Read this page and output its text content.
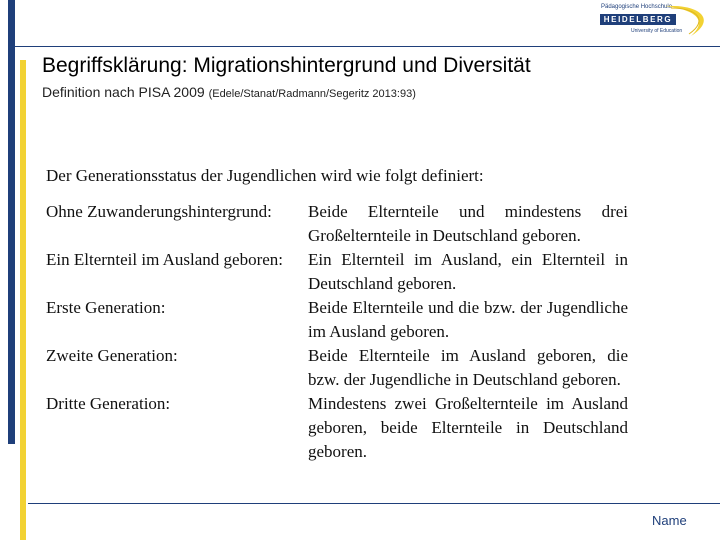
Pädagogische Hochschule
HEIDELBERG
University of Education
Begriffsklärung: Migrationshintergrund und Diversität
Definition nach PISA 2009 (Edele/Stanat/Radmann/Segeritz 2013:93)
Der Generationsstatus der Jugendlichen wird wie folgt definiert:
Ohne Zuwanderungshintergrund:	Beide Elternteile und mindestens drei Großelternteile in Deutschland geboren.
Ein Elternteil im Ausland geboren:	Ein Elternteil im Ausland, ein Elternteil in Deutschland geboren.
Erste Generation:	Beide Elternteile und die bzw. der Jugendliche im Ausland geboren.
Zweite Generation:	Beide Elternteile im Ausland geboren, die bzw. der Jugendliche in Deutschland geboren.
Dritte Generation:	Mindestens zwei Großelternteile im Ausland geboren, beide Elternteile in Deutschland geboren.
Name
